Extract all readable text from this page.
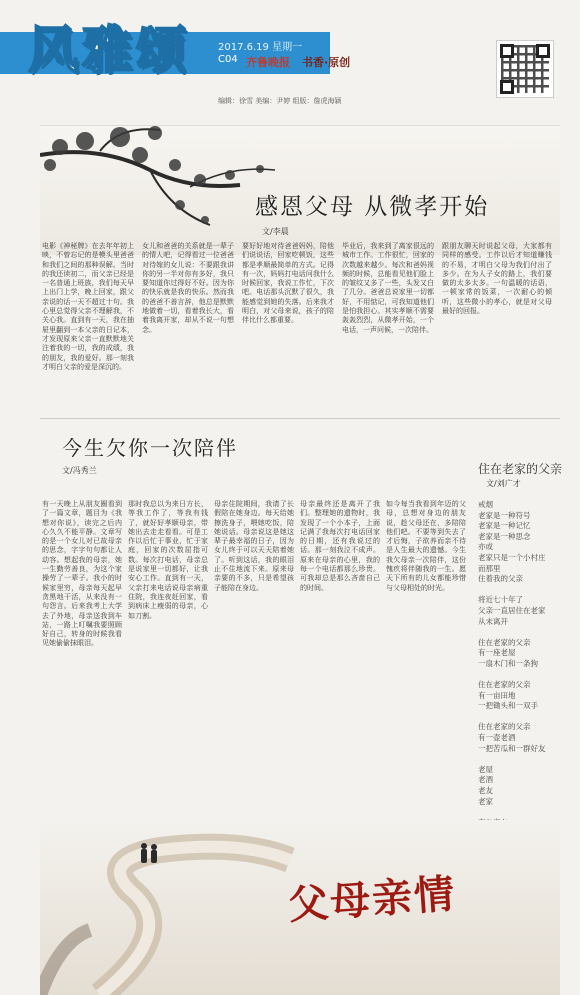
风雅颂	2017.6.19 星期一
C04 齐鲁晚报 书香·原创
编辑：徐雪 美编：尹婷 组版：詹虎海颖
感恩父母 从微孝开始
文/李晨
电影《神秘牌》在去年年初上映，不曾忘记的是模头里爸爸和我们之间的那种误解。当时的我还读初二，而父亲已经是一名普通上班族，我们每天早上出门上学，晚上回家，跟父亲说的话一天不超过十句。我心里总觉得父亲不理解我，不关心我。直到有一天，我在抽屉里翻到一本父亲的日记本，才发现原来父亲一直默默地关注着我的一切，我的成绩，我的朋友，我的爱好。那一刻我才明白父亲的爱是深沉的。
女儿和爸爸的关系就是一辈子的情人吧，记得看过一位爸爸对待嫁的女儿说：不要跟我讲你的另一半对你有多好，我只要知道你过得好不好。因为你的快乐就是我的快乐。然而我的爸爸不善言辞，他总是默默地做着一切，看着我长大，看着我离开家，却从不说一句想念。
要好好地对待爸爸妈妈，陪他们说说话，回家吃顿饭，这些都是孝顺最简单的方式。记得有一次，妈妈打电话问我什么时候回家，我说工作忙，下次吧。电话那头沉默了很久，我能感觉到她的失落。后来我才明白，对父母来说，孩子的陪伴比什么都重要。
毕业后，我来到了离家很远的城市工作。工作很忙，回家的次数越来越少。每次和爸妈视频的时候，总能看见他们脸上的皱纹又多了一些，头发又白了几分。爸爸总说家里一切都好，不用惦记，可我知道他们是怕我担心。其实孝顺不需要轰轰烈烈，从微孝开始，一个电话，一声问候，一次陪伴。
跟朋友聊天时说起父母，大家都有同样的感受。工作以后才知道赚钱的不易，才明白父母为我们付出了多少。在为人子女的路上，我们要做的太多太多。一句温暖的话语，一顿家常的饭菜，一次耐心的倾听，这些微小的孝心，就是对父母最好的回报。
今生欠你一次陪伴
文/冯秀兰
有一天晚上从朋友圈看到了一篇文章，题目为《我想对你说》，读完之后内心久久不能平静。文章写的是一个女儿对已故母亲的思念，字字句句都让人动容。想起我的母亲，她一生勤劳善良，为这个家操劳了一辈子。我小的时候家里穷，母亲每天起早贪黑地干活，从来没有一句怨言。后来我考上大学去了外地，母亲送我到车站，一路上叮嘱我要照顾好自己，转身的时候我看见她偷偷抹眼泪。
那时我总以为来日方长，等我工作了，等我有钱了，就好好孝顺母亲，带她出去走走看看。可是工作以后忙于事业，忙于家庭，回家的次数屈指可数。每次打电话，母亲总是说家里一切都好，让我安心工作。直到有一天，父亲打来电话说母亲病重住院，我连夜赶回家，看到病床上瘦弱的母亲，心如刀割。
母亲住院期间，我请了长假陪在她身边。每天给她擦洗身子，喂她吃饭，陪她说话。母亲说这是她这辈子最幸福的日子，因为女儿终于可以天天陪着她了。听到这话，我的眼泪止不住地流下来。原来母亲要的不多，只是希望孩子能陪在身边。
母亲最终还是离开了我们。整理她的遗物时，我发现了一个小本子，上面记满了我每次打电话回家的日期，还有我说过的话。那一刻我泣不成声。原来在母亲的心里，我的每一个电话都那么珍贵。可我却总是那么吝啬自己的时间。
如今每当我看到年迈的父母，总想对身边的朋友说，趁父母还在，多陪陪他们吧。不要等到失去了才后悔，子欲养而亲不待是人生最大的遗憾。今生我欠母亲一次陪伴，这份愧疚将伴随我的一生。愿天下所有的儿女都能珍惜与父母相处的时光。
住在老家的父亲
文/刘广才
戒烟
老家是一种符号
老家是一种记忆
老家是一种思念
亦或
老家只是一个小村庄
而那里
住着我的父亲
将近七十年了
父亲一直居住在老家
从未离开
住在老家的父亲
有一座老屋
一扇木门和一条狗
住在老家的父亲
有一亩田地
一把锄头和一双手
住在老家的父亲
有一壶老酒
一把苦瓜和一群好友
老屋
老酒
老友
老家
父母亲情
